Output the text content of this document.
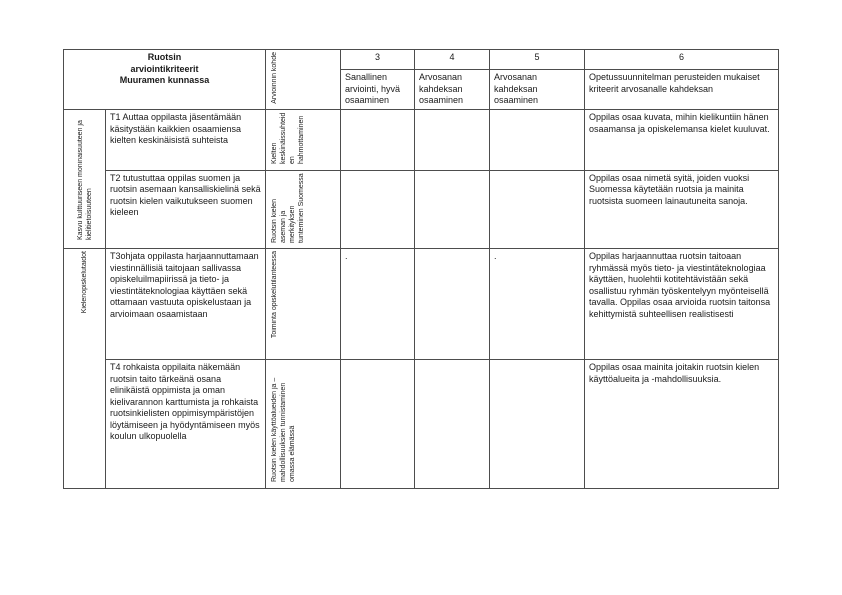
Ruotsin
arviointikriteerit
Muuramen kunnassa		Arvioinnin kohde	3	4	5	6
			Sanallinen arviointi, hyvä osaaminen	Arvosanan kahdeksan osaaminen	Arvosanan kahdeksan osaaminen	Opetussuunnitelman perusteiden mukaiset kriteerit arvosanalle kahdeksan
Kasvu kulttuuriseen moninaisuuteen ja kielitietoisuuteen	T1 Auttaa oppilasta jäsentämään käsitystään kaikkien osaamiensa kielten keskinäisistä suhteista	Kielten keskinäissuhteiden hahmottaminen				Oppilas osaa kuvata, mihin kielikuntiin hänen osaamansa ja opiskelemansa kielet kuuluvat.
	T2 tutustuttaa oppilas suomen ja ruotsin asemaan kansalliskielinä sekä ruotsin kielen vaikutukseen suomen kieleen	Ruotsin kielen aseman ja merkityksen tunteminen Suomessa				Oppilas osaa nimetä syitä, joiden vuoksi Suomessa käytetään ruotsia ja mainita ruotsista suomeen lainautuneita sanoja.
Kielenopiskelutaidot	T3ohjata oppilasta harjaannuttamaan viestinnällisiä taitojaan sallivassa opiskeluilmapiirissä ja tieto- ja viestintäteknologiaa käyttäen sekä ottamaan vastuuta opiskelustaan ja arvioimaan osaamistaan	Toiminta opiskelutilanteessa	.		.	Oppilas harjaannuttaa ruotsin taitoaan ryhmässä myös tieto- ja viestintäteknologiaa käyttäen, huolehtii kotitehtävistään sekä osallistuu ryhmän työskentelyyn myönteisellä tavalla. Oppilas osaa arvioida ruotsin taitonsa kehittymistä suhteellisen realistisesti
	T4 rohkaista oppilaita näkemään ruotsin taito tärkeänä osana elinikäistä oppimista ja oman kielivarannon karttumista ja rohkaista ruotsinkielisten oppimisympäristöjen löytämiseen ja hyödyntämiseen myös koulun ulkopuolella	Ruotsin kielen käyttöalueiden ja – mahdollisuuksien tunnistaminen omassa elämässä				Oppilas osaa mainita joitakin ruotsin kielen käyttöalueita ja -mahdollisuuksia.
